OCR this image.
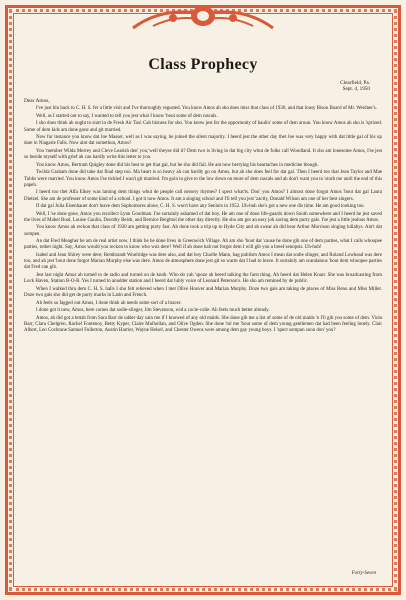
Class Prophecy
Clearfield, Pa.
Sept. 4, 1950
Dear Amos,

I've just bin back to C. H. S. fer a little visit and I've thoroughly regusted. You know Amos ah sho does miss that class of 1930, and that lousy Bison Board of Mr. Weidner's.

Well, as I started out to say, I wanted to tell you jest what I know 'bout some of dem rascals.

I sho does think ah ought to start in de Fresh Air Taxi Cab bizness for sho. You know jest fer the opportunity of haulin' some of dem aroun. You know Amos ah sho is 'sprized. Some of dem kids am done gone and git married.

Now for instance you know dat Joe Masser, well as I was saying, he joined the silent majority. I heerd jest the other day thet Joe was very happy with dat little gal of his up dare in Niagarie Falls. Now aint dat somethun, Amos?

You 'member Wilda Merrey and Cleve Learish den' you,'well theyse did it? Dem two is living in dat big city whut de folks call Woodland. It sho am lonesome Amos, I'se jest so beside myself with grief ah can hardly write this letter to you.

You know Amos, Bertram Quigley done did his best to get that gal, but he sho did fail. He am now berrying his heartaches in medicine though.

Twilda Graham done did take dat final step too. Ma heart is so heavy ah can hardly go on Amos, but ah sho does feel for dat gal. Then I heerd too that Jean Taylor and Mae Tubbs were married. You know Amos I'se tickled I wan't git married. I'm goin to give to the low down on more of dem rascals and ah don't want you to 'sturb me until the end of this papeh.

I heerd too thet Alfa Eikey was larning dem things whut de people call nersery rhymes? I spect what'ts. Don' you Amos? I almost done forgot Amos 'bout dat gal Laura Dietzel. She am de professer of some kind of a school. I got it now Amos. It am a singing school and I'll tell you jest 'zactly, Donald Wilson am one of her best singers.

If dat gal Julia Eisenhauer don't leave dem Sophomores alone, C. H. S. won't have any Seniors in 1952. Uh-huh she's got a new one dis time. He am good looking too.

Well, I 'se done gone, Amos you recollect Lynn Goodman. I'se surtainly ashamed of dat boy. He am one of done life-guards down South somewhere and I heerd he jest saved the lives of Mabel Boal, Louise Gaulin, Dorothy Beish, and Bernice Beightol the other day directly. He sho am got an easy job saving dem purty gals. I'se jest a little jealous Amos.

You know Amos ah reckon that class of 1930 am getting purty fast. Ah done took a trip up to Hyde City and ah swear ah did hear Arthur Morrison singing lullabys. Ain't dat sompen.

An dat Fred Meagher he am de real artist now. I think he he done lives in Greenwich Village. Ah am sho 'bout dat 'cause he done gib one of dem parties, what I calls whoopee parties, tother night. Say, Amos would you reckon to know who wuz dere? Well if ah done hab not forgot dem I will gib you a breef senopsis. Uh-huh!

Isabel and Jean Shirey were dere; Rembrandt Woolridge was dere also, and dat boy Charlie Mann, bag publism Amos I mean dat sodie slinger, and Roland Lowhead was dere too, and ah jest 'bout done forgot Marian Murphy else was dere. Amos de atmosphere done jest git so warm dat I had to leave. It surtainly am scandalous 'bout dem whoopee parties dat Fred can gib.

Jest last night Amos ah turned to de radio and turned on de knob. Who do yah 'spoze ah heerd talking the farst thing. Ah heerd dat Helen Knarr. She was broadcasting from Lock Haven, Station B-O-B. Yes I turned to anudder station and I heerd dat lubly voice of Leonard Peterson's. He sho am remined by de public.

When I walked thru dem C. H. S. halls I sho felt relieved when I met Olive Hoover and Marian Murphy. Doze two gals am taking de places of Miss Reno and Miss Miller. Doze two gals sho did get de purty marks in Latin and French.

Ah feels so fagged out Amos, I done think ah needs some sort of a bracer.

I done got it now, Amos, here comes dat sodie-slinger, Jim Stevenson, wid a cocie-colie. Ah feels much better already.

Amos, ah did got a lettah from Sara Barr de udder day sain me if I knowed of any old maids. She done gib me a list of some of de old maids 'n I'll gib you some of dem. Viola Barr, Clara Chelgren, Rachel Fontenoy, Betty Kyper, Claire Mulhollan, and Olive Ogden. She done 'tol me 'bout some of dem young gentlemen dat had been feeling lonely. Clair Albert, Leo Cochrane Samuel Fullerton, Austin Harrier, Wayne Helsel, and Chester Owens were among dem gay young boys. I 'spect sompun soon don' you?

Forty-Seven
